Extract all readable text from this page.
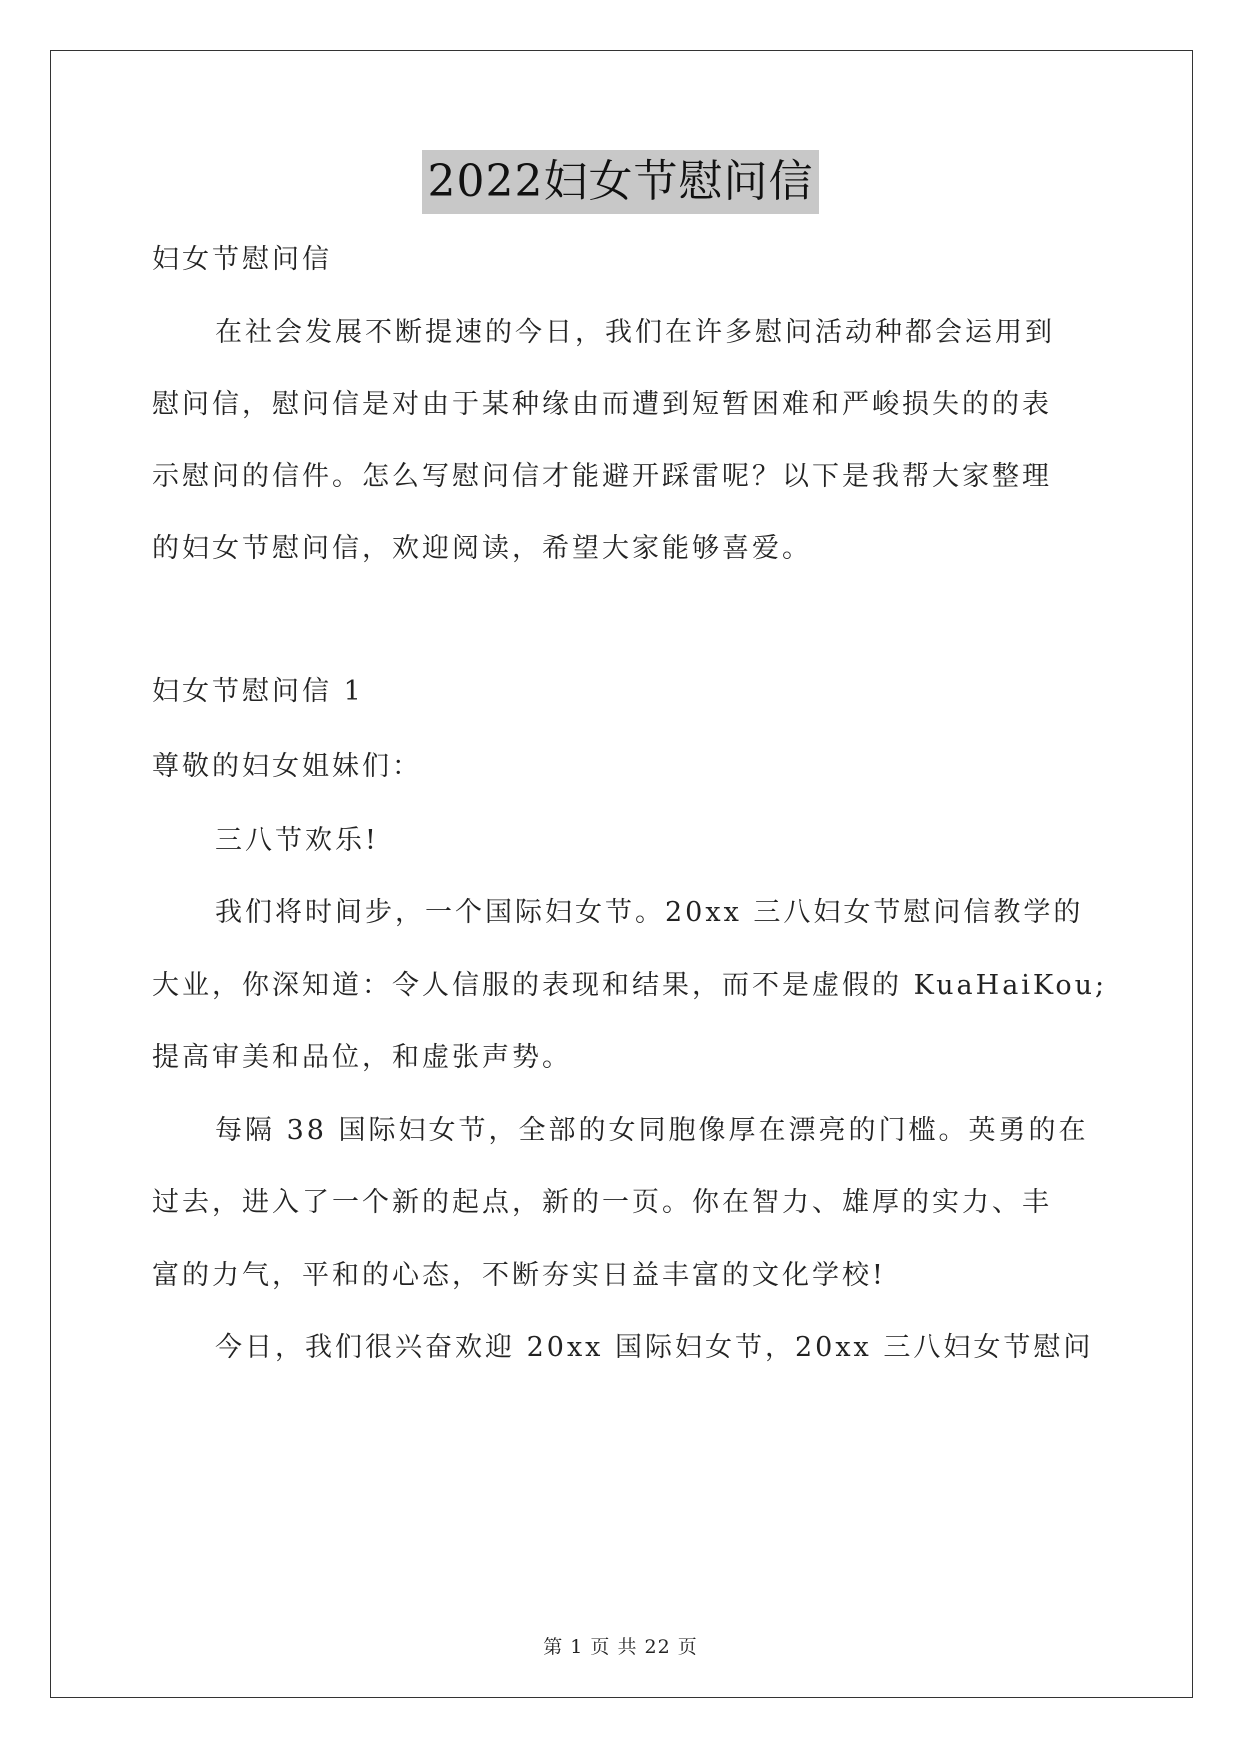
2022妇女节慰问信
妇女节慰问信
在社会发展不断提速的今日，我们在许多慰问活动种都会运用到
慰问信，慰问信是对由于某种缘由而遭到短暂困难和严峻损失的的表
示慰问的信件。怎么写慰问信才能避开踩雷呢？以下是我帮大家整理
的妇女节慰问信，欢迎阅读，希望大家能够喜爱。
妇女节慰问信 1
尊敬的妇女姐妹们：
三八节欢乐!
我们将时间步，一个国际妇女节。20xx 三八妇女节慰问信教学的
大业，你深知道：令人信服的表现和结果，而不是虚假的 KuaHaiKou;
提高审美和品位，和虚张声势。
每隔 38 国际妇女节，全部的女同胞像厚在漂亮的门槛。英勇的在
过去，进入了一个新的起点，新的一页。你在智力、雄厚的实力、丰
富的力气，平和的心态，不断夯实日益丰富的文化学校!
今日，我们很兴奋欢迎 20xx 国际妇女节，20xx 三八妇女节慰问
第 1 页 共 22 页
